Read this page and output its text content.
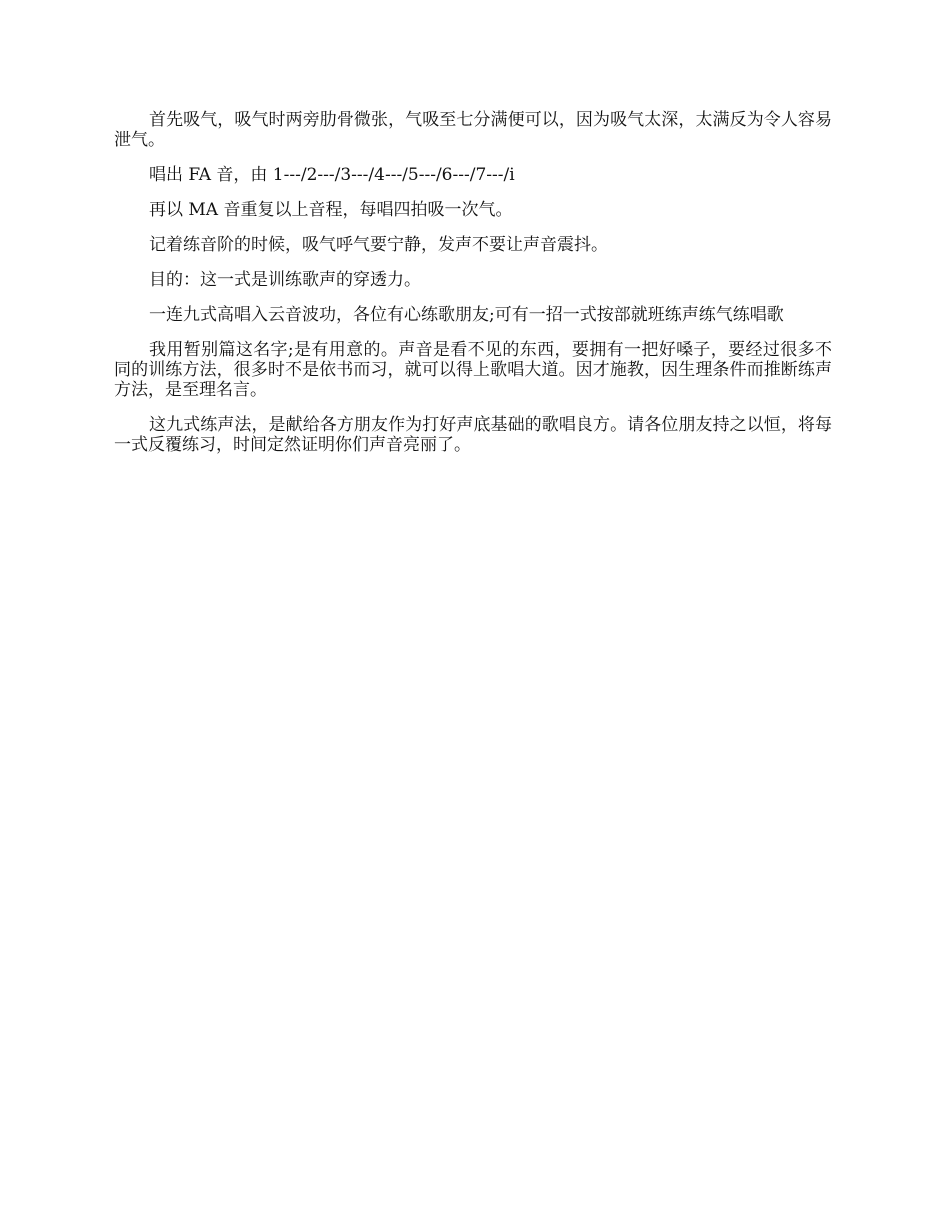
首先吸气，吸气时两旁肋骨微张，气吸至七分满便可以，因为吸气太深，太满反为令人容易泄气。

唱出 FA 音，由 1---/2---/3---/4---/5---/6---/7---/i

再以 MA 音重复以上音程，每唱四拍吸一次气。

记着练音阶的时候，吸气呼气要宁静，发声不要让声音震抖。

目的：这一式是训练歌声的穿透力。

一连九式高唱入云音波功，各位有心练歌朋友;可有一招一式按部就班练声练气练唱歌

我用暂别篇这名字;是有用意的。声音是看不见的东西，要拥有一把好嗓子，要经过很多不同的训练方法，很多时不是依书而习，就可以得上歌唱大道。因才施教，因生理条件而推断练声方法，是至理名言。

这九式练声法，是献给各方朋友作为打好声底基础的歌唱良方。请各位朋友持之以恒，将每一式反覆练习，时间定然证明你们声音亮丽了。
